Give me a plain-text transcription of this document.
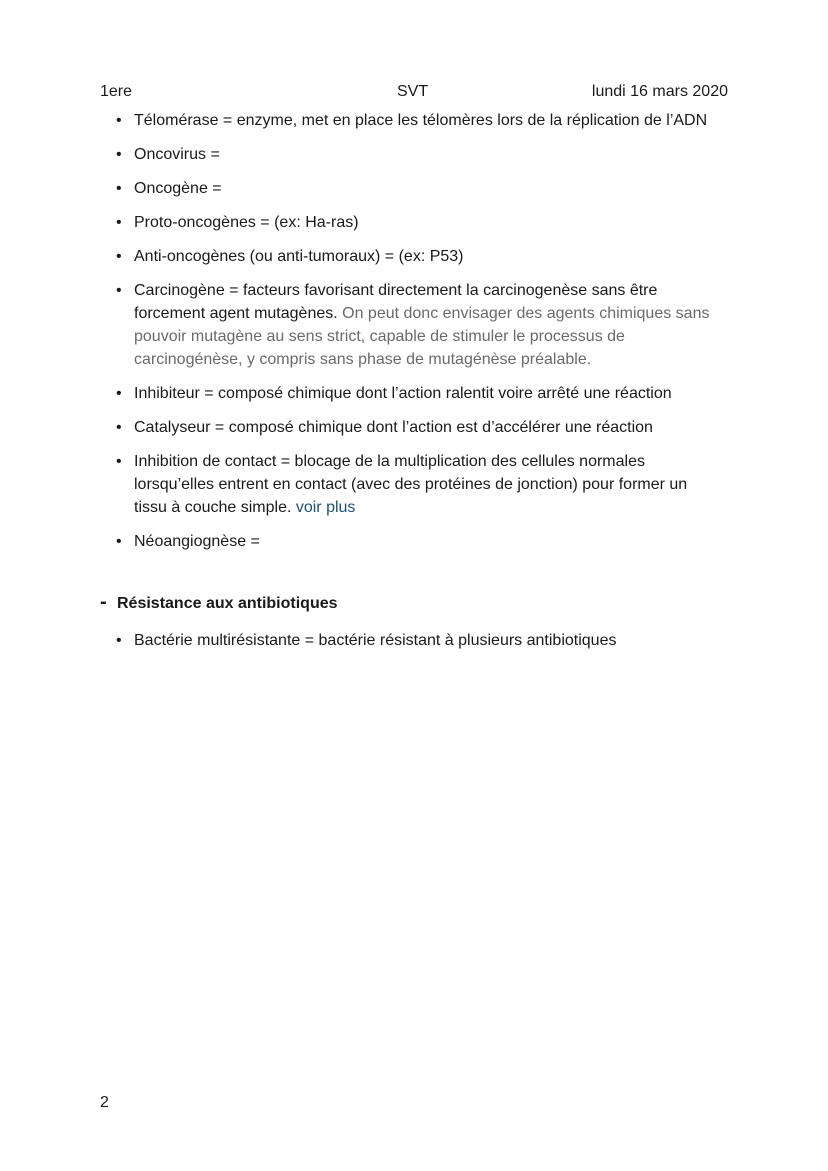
1ere	SVT	lundi 16 mars 2020
• Télomérase = enzyme, met en place les télomères lors de la réplication de l’ADN
• Oncovirus =
• Oncogène =
• Proto-oncogènes = (ex: Ha-ras)
• Anti-oncogènes (ou anti-tumoraux) = (ex: P53)
• Carcinogène = facteurs favorisant directement la carcinogenèse sans être forcement agent mutagènes. On peut donc envisager des agents chimiques sans pouvoir mutagène au sens strict, capable de stimuler le processus de carcinogénèse, y compris sans phase de mutagénèse préalable.
• Inhibiteur = composé chimique dont l’action ralentit voire arrêté une réaction
• Catalyseur = composé chimique dont l’action est d’accélérer une réaction
• Inhibition de contact = blocage de la multiplication des cellules normales lorsqu’elles entrent en contact (avec des protéines de jonction) pour former un tissu à couche simple. voir plus
• Néoangiognèse =
- Résistance aux antibiotiques
• Bactérie multirésistante = bactérie résistant à plusieurs antibiotiques
2
